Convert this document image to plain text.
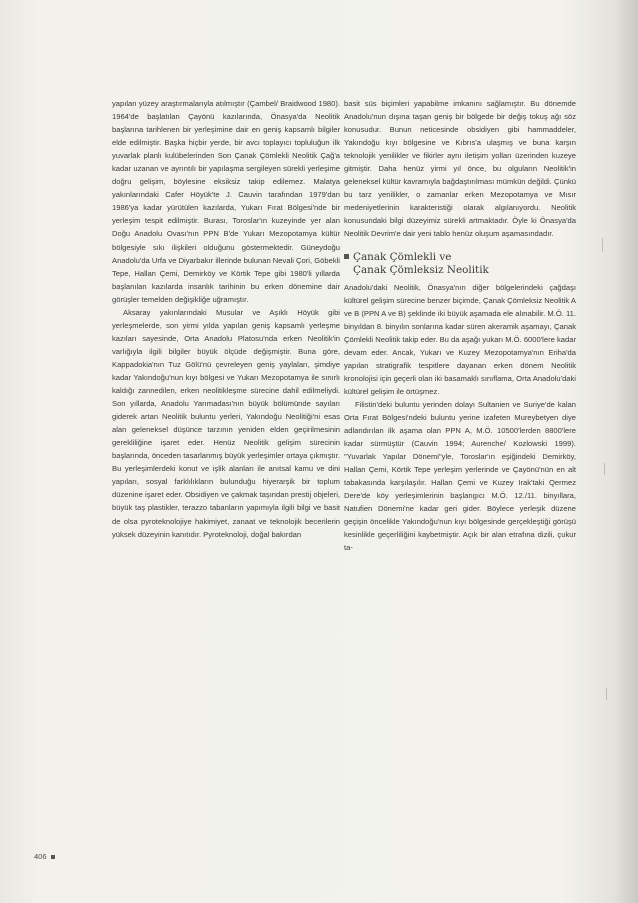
yapılan yüzey araştırmalarıyla atılmıştır (Çambel/ Braidwood 1980). 1964'de başlatılan Çayönü kazılarında, Önasya'da Neolitik başlarına tarihlenen bir yerleşimine dair en geniş kapsamlı bilgiler elde edilmiştir. Başka hiçbir yerde, bir avcı toplayıcı topluluğun ilk yuvarlak planlı kulübelerinden Son Çanak Çömlekli Neolitik Çağ'a kadar uzanan ve ayrıntılı bir yapılaşma sergileyen sürekli yerleşime doğru gelişim, böylesine eksiksiz takip edilemez. Malatya yakınlarındaki Cafer Höyük'te J. Cauvin tarafından 1979'dan 1986'ya kadar yürütülen kazılarda, Yukarı Fırat Bölgesi'nde bir yerleşim tespit edilmiştir. Burası, Toroslar'ın kuzeyinde yer alan Doğu Anadolu Ovası'nın PPN B'de Yukarı Mezopotamya kültür bölgesiyle sıkı ilişkileri olduğunu göstermektedir. Güneydoğu Anadolu'da Urfa ve Diyarbakır illerinde bulunan Nevali Çori, Göbekli Tepe, Hallan Çemi, Demirköy ve Körtik Tepe gibi 1980'li yıllarda başlanılan kazılarda insanlık tarihinin bu erken dönemine dair görüşler temelden değişikliğe uğramıştır.

Aksaray yakınlarındaki Musular ve Aşıklı Höyük gibi yerleşmelerde, son yirmi yılda yapılan geniş kapsamlı yerleşme kazıları sayesinde, Orta Anadolu Platosu'nda erken Neolitik'in varlığıyla ilgili bilgiler büyük ölçüde değişmiştir. Buna göre, Kappadokia'nın Tuz Gölü'nü çevreleyen geniş yaylaları, şimdiye kadar Yakındoğu'nun kıyı bölgesi ve Yukarı Mezopotamya ile sınırlı kaldığı zannedilen, erken neolitikleşme sürecine dahil edilmeliydi. Son yıllarda, Anadolu Yarımadası'nın büyük bölümünde sayıları giderek artan Neolitik buluntu yerleri, Yakındoğu Neolitiği'ni esas alan geleneksel düşünce tarzının yeniden elden geçirilmesinin gerekliliğine işaret eder. Henüz Neolitik gelişim sürecinin başlarında, önceden tasarlanmış büyük yerleşimler ortaya çıkmıştır. Bu yerleşimlerdeki konut ve işlik alanları ile anıtsal kamu ve dini yapıları, sosyal farklılıkların bulunduğu hiyerarşik bir toplum düzenine işaret eder. Obsidiyen ve çakmak taşından prestij objeleri, büyük taş plastikler, terazzo tabanların yapımıyla ilgili bilgi ve basit de olsa pyroteknolojiye hakimiyet, zanaat ve teknolojik becerilerin yüksek düzeyinin kanıtıdır. Pyroteknoloji, doğal bakırdan

basit süs biçimleri yapabilme imkanını sağlamıştır. Bu dönemde Anadolu'nun dışına taşan geniş bir bölgede bir değiş tokuş ağı söz konusudur. Bunun neticesinde obsidiyen gibi hammaddeler, Yakındoğu kıyı bölgesine ve Kıbrıs'a ulaşmış ve buna karşın teknolojik yenilikler ve fikirler aynı iletişim yolları üzerinden kuzeye gitmiştir. Daha henüz yirmi yıl önce, bu olguların Neolitik'in geleneksel kültür kavramıyla bağdaştırılması mümkün değildi. Çünkü bu tarz yenilikler, o zamanlar erken Mezopotamya ve Mısır medeniyetlerinin karakteristiği olarak algılanıyordu. Neolitik konusundaki bilgi düzeyimiz sürekli artmaktadır. Öyle ki Önasya'da Neolitik Devrim'e dair yeni tablo henüz oluşum aşamasındadır.

Çanak Çömlekli ve
Çanak Çömleksiz Neolitik

Anadolu'daki Neolitik, Önasya'nın diğer bölgelerindeki çağdaşı kültürel gelişim sürecine benzer biçimde, Çanak Çömleksiz Neolitik A ve B (PPN A ve B) şeklinde iki büyük aşamada ele alınabilir. M.Ö. 11. binyıldan 8. binyılın sonlarına kadar süren akeramik aşamayı, Çanak Çömlekli Neolitik takip eder. Bu da aşağı yukarı M.Ö. 6000'lere kadar devam eder. Ancak, Yukarı ve Kuzey Mezopotamya'nın Eriha'da yapılan stratigrafik tespitlere dayanan erken dönem Neolitik kronolojisi için geçerli olan iki basamaklı sınıflama, Orta Anadolu'daki kültürel gelişim ile örtüşmez.

Filistin'deki buluntu yerinden dolayı Sultanien ve Suriye'de kalan Orta Fırat Bölgesi'ndeki buluntu yerine izafeten Mureybetyen diye adlandırılan ilk aşama olan PPN A, M.Ö. 10500'lerden 8800'lere kadar sürmüştür (Cauvin 1994; Aurenche/ Kozlowski 1999). "Yuvarlak Yapılar Dönemi"yle, Toroslar'ın eşiğindeki Demirköy, Hallan Çemi, Körtik Tepe yerleşim yerlerinde ve Çayönü'nün en alt tabakasında karşılaşılır. Hallan Çemi ve Kuzey Irak'taki Qermez Dere'de köy yerleşimlerinin başlangıcı M.Ö. 12./11. binyıllara, Natufien Dönemi'ne kadar geri gider. Böylece yerleşik düzene geçişin öncelikle Yakındoğu'nun kıyı bölgesinde gerçekleştiği görüşü kesinlikle geçerliliğini kaybetmiştir. Açık bir alan etrafına dizili, çukur ta-

406
